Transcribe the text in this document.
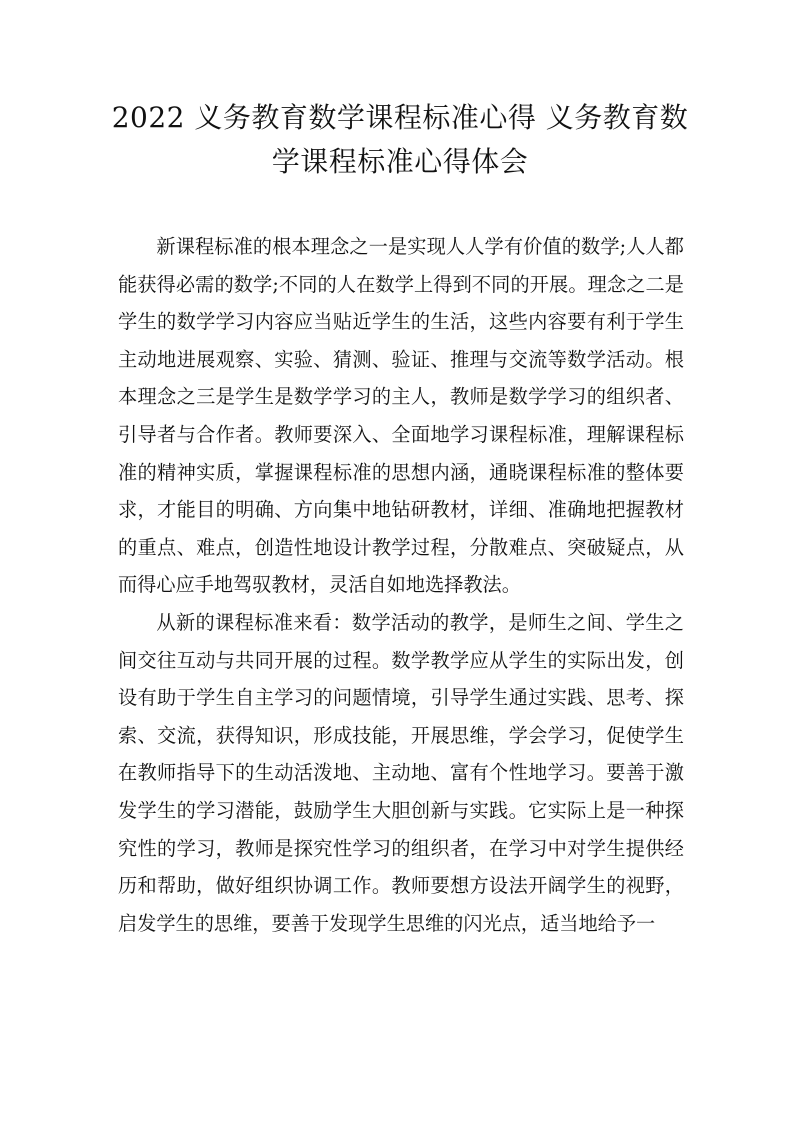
2022 义务教育数学课程标准心得 义务教育数学课程标准心得体会

新课程标准的根本理念之一是实现人人学有价值的数学;人人都能获得必需的数学;不同的人在数学上得到不同的开展。理念之二是学生的数学学习内容应当贴近学生的生活，这些内容要有利于学生主动地进展观察、实验、猜测、验证、推理与交流等数学活动。根本理念之三是学生是数学学习的主人，教师是数学学习的组织者、引导者与合作者。教师要深入、全面地学习课程标准，理解课程标准的精神实质，掌握课程标准的思想内涵，通晓课程标准的整体要求，才能目的明确、方向集中地钻研教材，详细、准确地把握教材的重点、难点，创造性地设计教学过程，分散难点、突破疑点，从而得心应手地驾驭教材，灵活自如地选择教法。

从新的课程标准来看：数学活动的教学，是师生之间、学生之间交往互动与共同开展的过程。数学教学应从学生的实际出发，创设有助于学生自主学习的问题情境，引导学生通过实践、思考、探索、交流，获得知识，形成技能，开展思维，学会学习，促使学生在教师指导下的生动活泼地、主动地、富有个性地学习。要善于激发学生的学习潜能，鼓励学生大胆创新与实践。它实际上是一种探究性的学习，教师是探究性学习的组织者，在学习中对学生提供经历和帮助，做好组织协调工作。教师要想方设法开阔学生的视野，启发学生的思维，要善于发现学生思维的闪光点，适当地给予一
